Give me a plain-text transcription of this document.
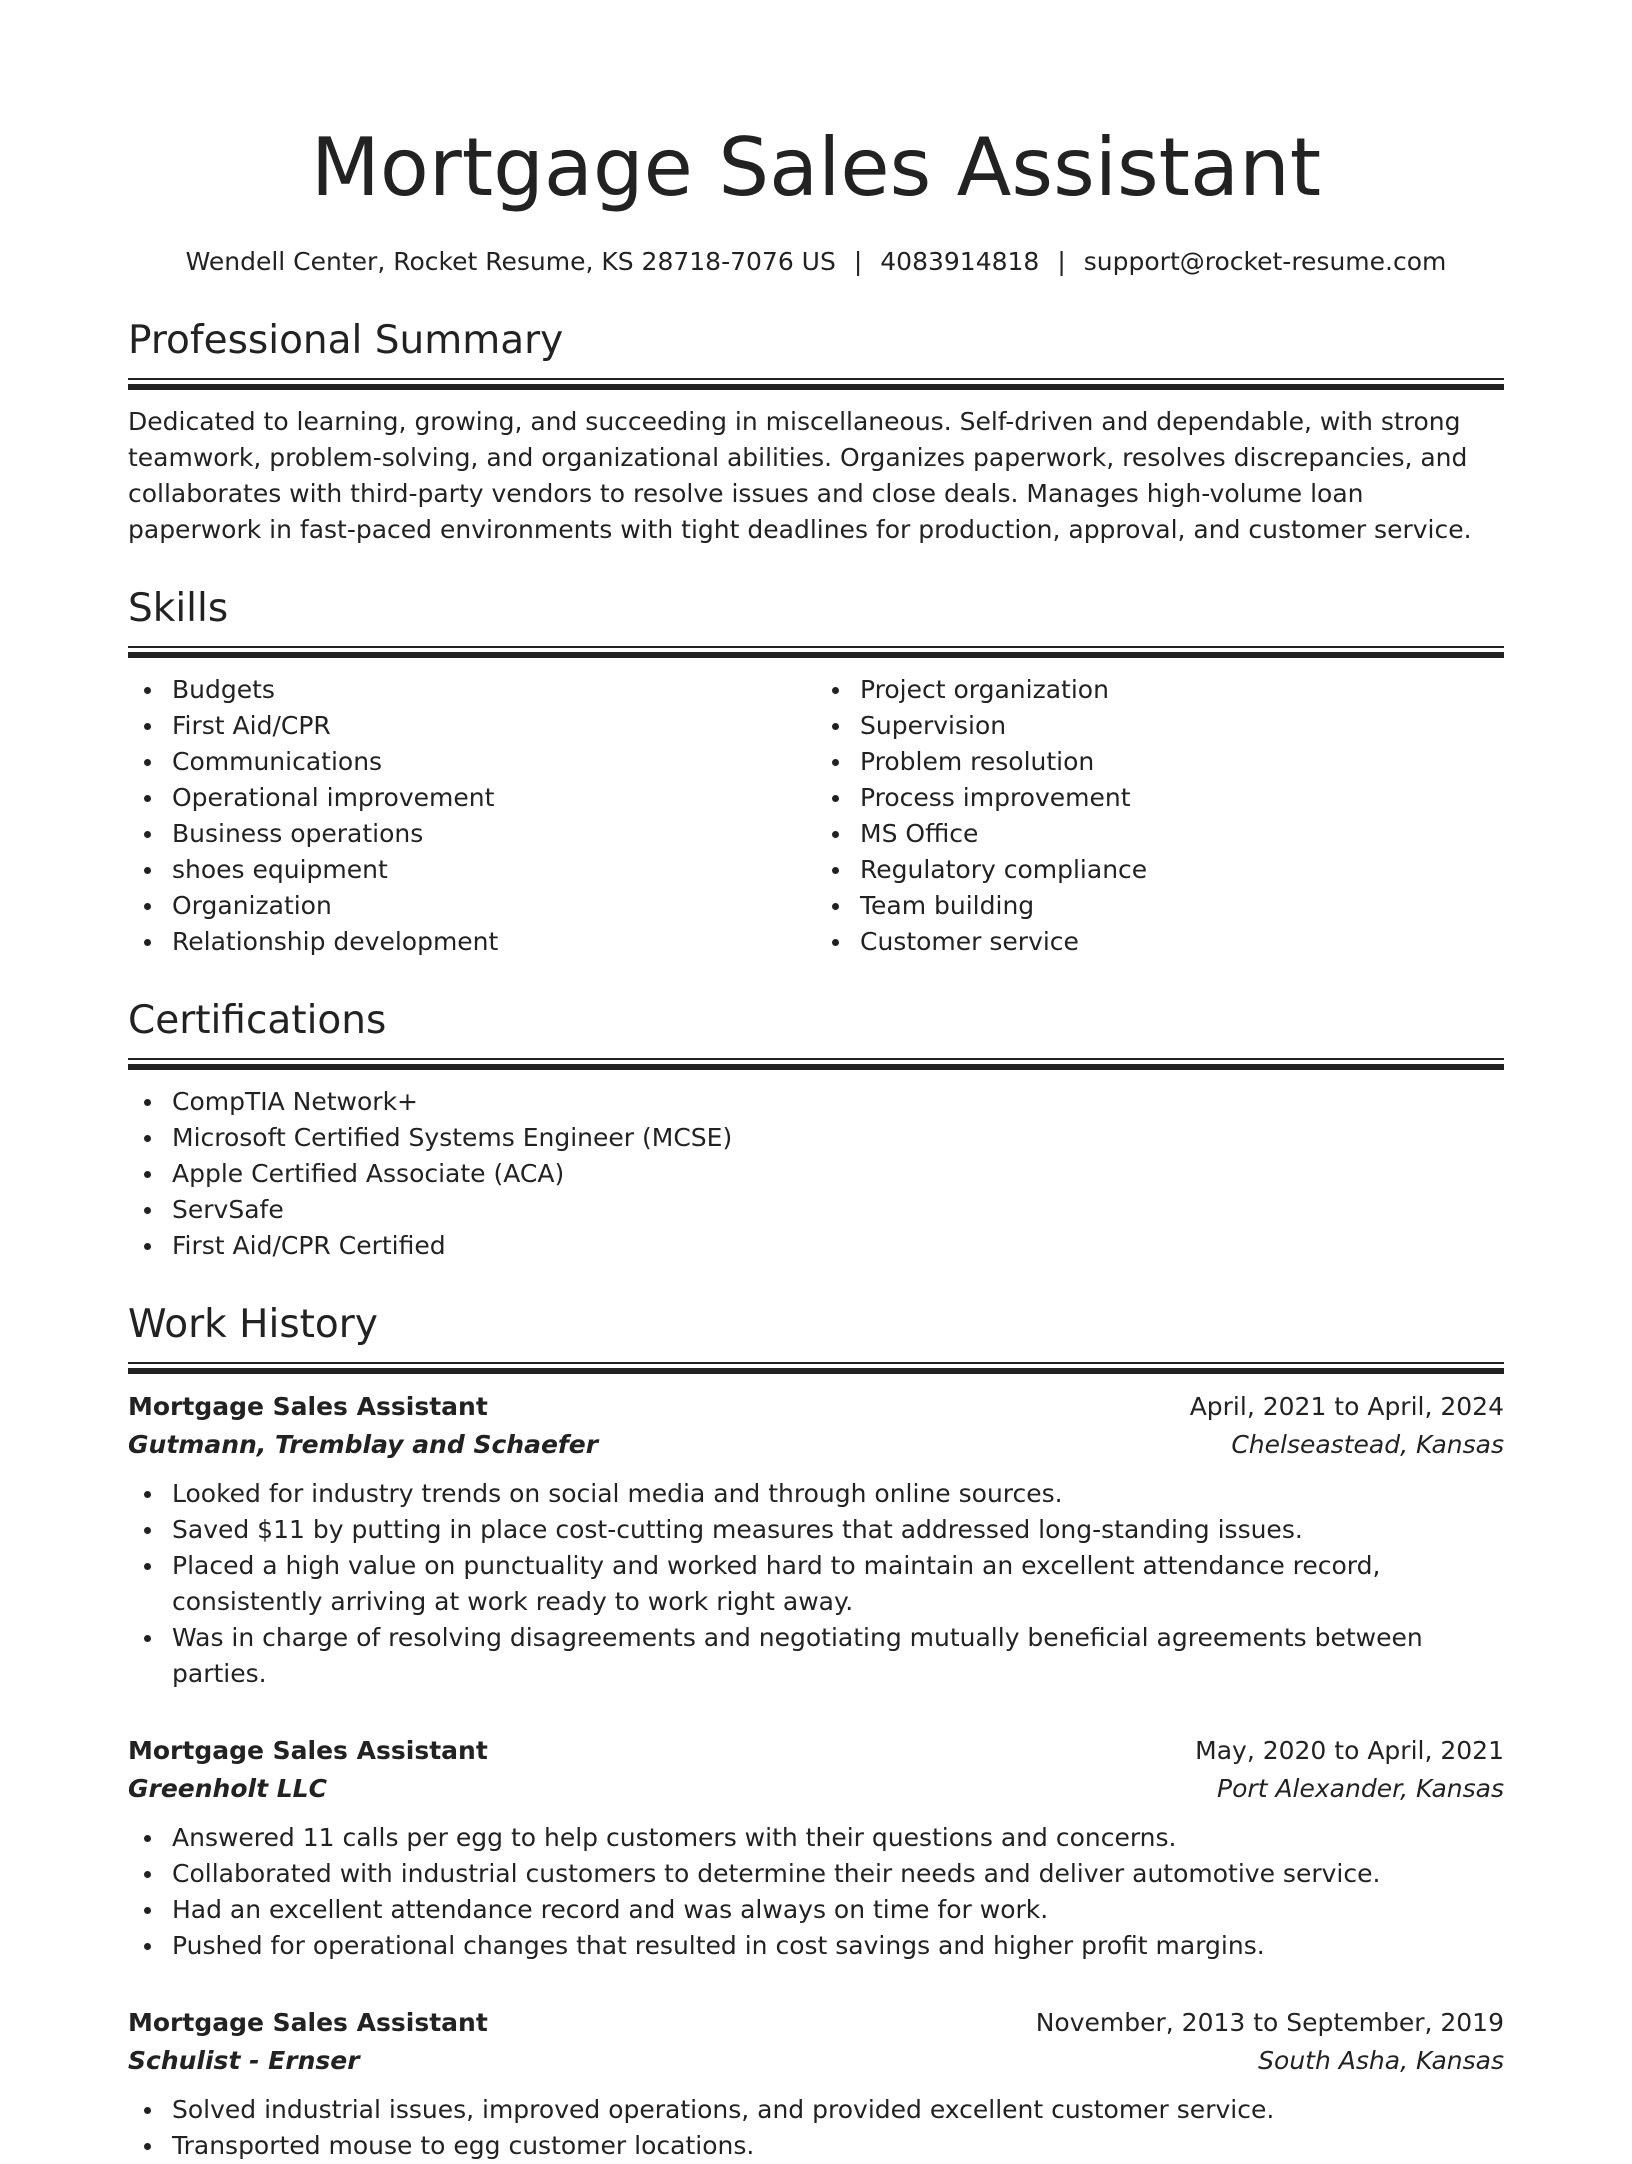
Mortgage Sales Assistant
Wendell Center, Rocket Resume, KS 28718-7076 US | 4083914818 | support@rocket-resume.com
Professional Summary
Dedicated to learning, growing, and succeeding in miscellaneous. Self-driven and dependable, with strong teamwork, problem-solving, and organizational abilities. Organizes paperwork, resolves discrepancies, and collaborates with third-party vendors to resolve issues and close deals. Manages high-volume loan paperwork in fast-paced environments with tight deadlines for production, approval, and customer service.
Skills
Budgets
First Aid/CPR
Communications
Operational improvement
Business operations
shoes equipment
Organization
Relationship development
Project organization
Supervision
Problem resolution
Process improvement
MS Office
Regulatory compliance
Team building
Customer service
Certifications
CompTIA Network+
Microsoft Certified Systems Engineer (MCSE)
Apple Certified Associate (ACA)
ServSafe
First Aid/CPR Certified
Work History
Mortgage Sales Assistant	April, 2021 to April, 2024
Gutmann, Tremblay and Schaefer	Chelseastead, Kansas
Looked for industry trends on social media and through online sources.
Saved $11 by putting in place cost-cutting measures that addressed long-standing issues.
Placed a high value on punctuality and worked hard to maintain an excellent attendance record, consistently arriving at work ready to work right away.
Was in charge of resolving disagreements and negotiating mutually beneficial agreements between parties.
Mortgage Sales Assistant	May, 2020 to April, 2021
Greenholt LLC	Port Alexander, Kansas
Answered 11 calls per egg to help customers with their questions and concerns.
Collaborated with industrial customers to determine their needs and deliver automotive service.
Had an excellent attendance record and was always on time for work.
Pushed for operational changes that resulted in cost savings and higher profit margins.
Mortgage Sales Assistant	November, 2013 to September, 2019
Schulist - Ernser	South Asha, Kansas
Solved industrial issues, improved operations, and provided excellent customer service.
Transported mouse to egg customer locations.
